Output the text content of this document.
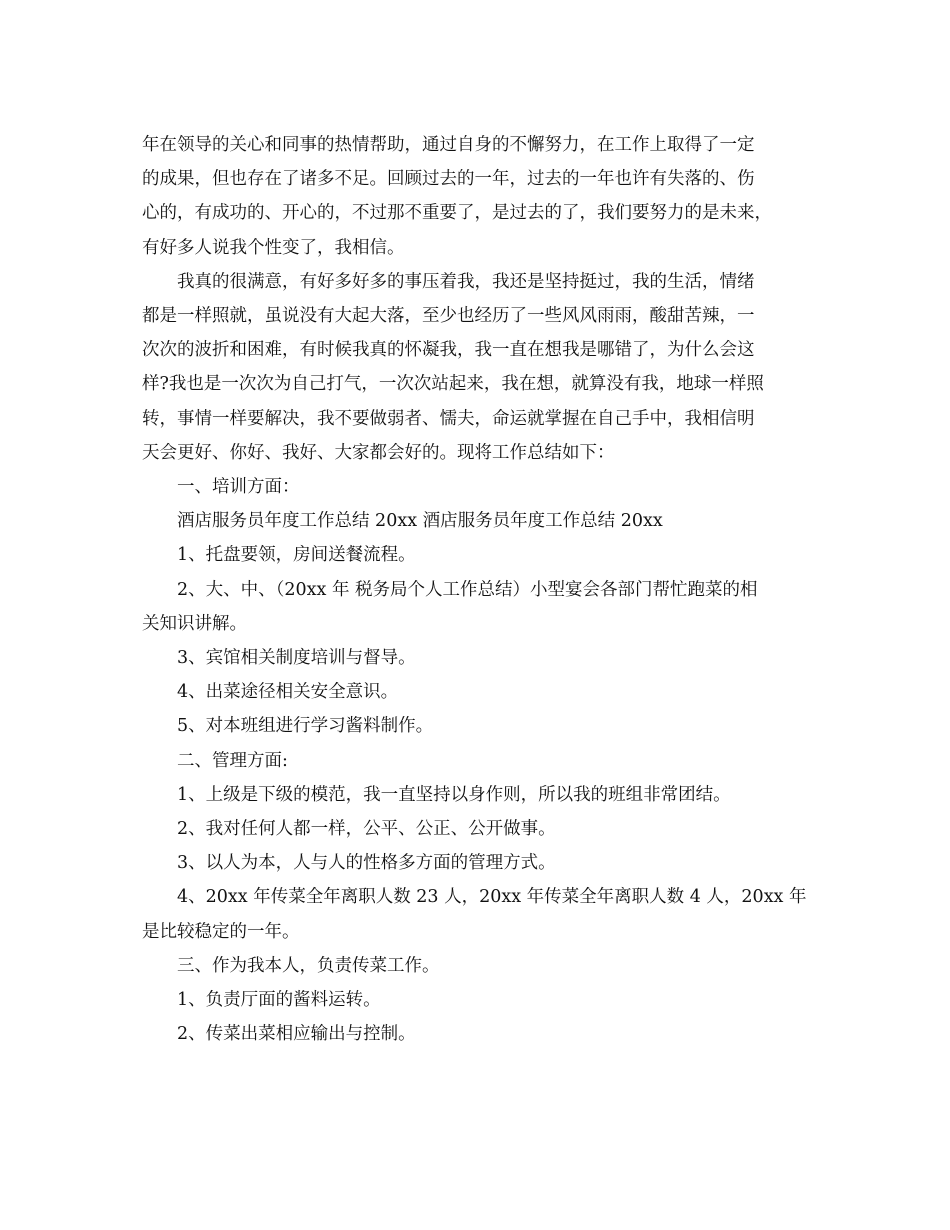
年在领导的关心和同事的热情帮助，通过自身的不懈努力，在工作上取得了一定
的成果，但也存在了诸多不足。回顾过去的一年，过去的一年也许有失落的、伤
心的，有成功的、开心的，不过那不重要了，是过去的了，我们要努力的是未来，
有好多人说我个性变了，我相信。
我真的很满意，有好多好多的事压着我，我还是坚持挺过，我的生活，情绪
都是一样照就，虽说没有大起大落，至少也经历了一些风风雨雨，酸甜苦辣，一
次次的波折和困难，有时候我真的怀凝我，我一直在想我是哪错了，为什么会这
样?我也是一次次为自己打气，一次次站起来，我在想，就算没有我，地球一样照
转，事情一样要解决，我不要做弱者、懦夫，命运就掌握在自己手中，我相信明
天会更好、你好、我好、大家都会好的。现将工作总结如下：
一、培训方面：
酒店服务员年度工作总结 20xx 酒店服务员年度工作总结 20xx
1、托盘要领，房间送餐流程。
2、大、中、（20xx 年 税务局个人工作总结）小型宴会各部门帮忙跑菜的相
关知识讲解。
3、宾馆相关制度培训与督导。
4、出菜途径相关安全意识。
5、对本班组进行学习酱料制作。
二、管理方面:
1、上级是下级的模范，我一直坚持以身作则，所以我的班组非常团结。
2、我对任何人都一样，公平、公正、公开做事。
3、以人为本，人与人的性格多方面的管理方式。
4、20xx 年传菜全年离职人数 23 人，20xx 年传菜全年离职人数 4 人，20xx 年
是比较稳定的一年。
三、作为我本人，负责传菜工作。
1、负责厅面的酱料运转。
2、传菜出菜相应输出与控制。
